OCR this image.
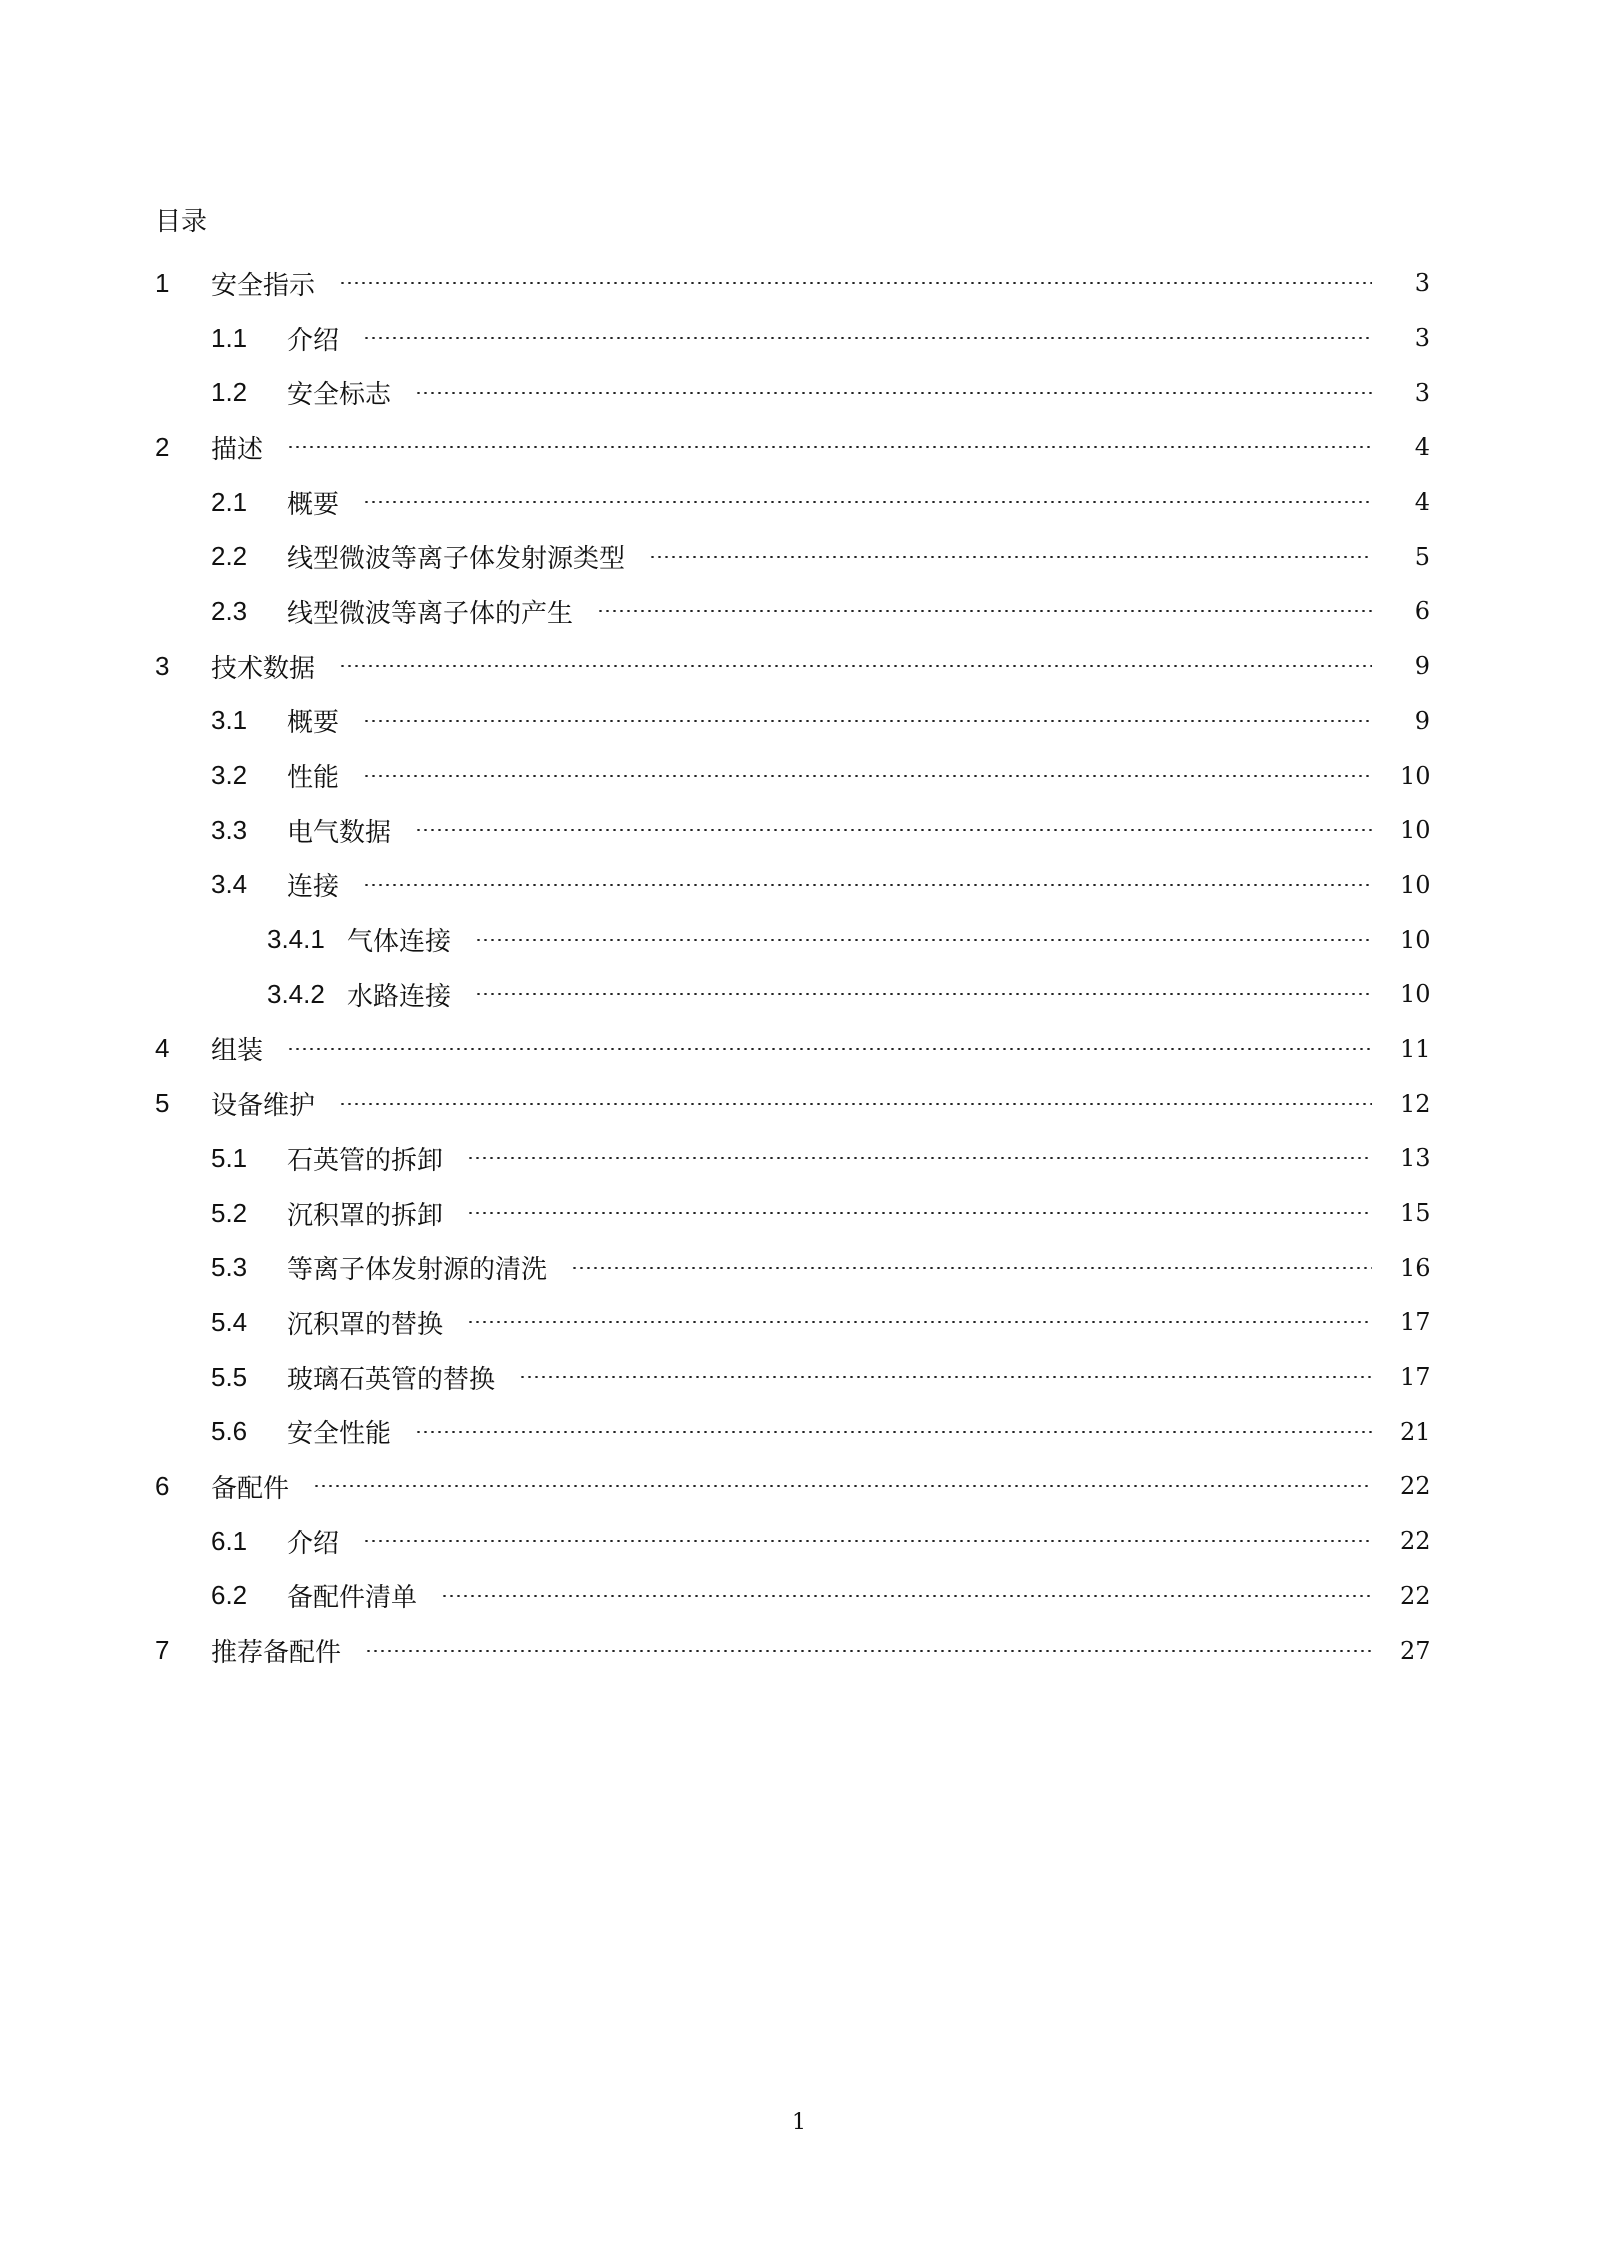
目录
1	安全指示	3
1.1	介绍	3
1.2	安全标志	3
2	描述	4
2.1	概要	4
2.2	线型微波等离子体发射源类型	5
2.3	线型微波等离子体的产生	6
3	技术数据	9
3.1	概要	9
3.2	性能	10
3.3	电气数据	10
3.4	连接	10
3.4.1 气体连接	10
3.4.2 水路连接	10
4	组装	11
5	设备维护	12
5.1	石英管的拆卸	13
5.2	沉积罩的拆卸	15
5.3	等离子体发射源的清洗	16
5.4	沉积罩的替换	17
5.5	玻璃石英管的替换	17
5.6	安全性能	21
6	备配件	22
6.1	介绍	22
6.2	备配件清单	22
7	推荐备配件	27
1
